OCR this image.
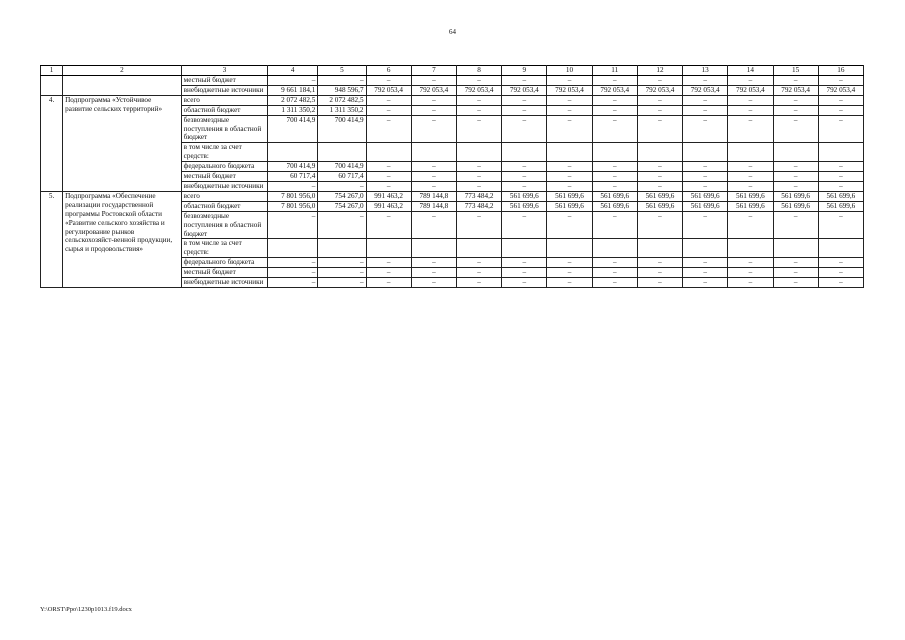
64
1	2	3	4	5	6	7	8	9	10	11	12	13	14	15	16
		местный бюджет	–	–	–	–	–	–	–	–	–	–	–	–	–
		внебюджетные источники	9 661 184,1	948 596,7	792 053,4	792 053,4	792 053,4	792 053,4	792 053,4	792 053,4	792 053,4	792 053,4	792 053,4	792 053,4	792 053,4
4.	Подпрограмма «Устойчивое развитие сельских территорий»	всего	2 072 482,5	2 072 482,5	–	–	–	–	–	–	–	–	–	–	–
		областной бюджет	1 311 350,2	1 311 350,2	–	–	–	–	–	–	–	–	–	–	–
		безвозмездные поступления в областной бюджет	700 414,9	700 414,9	–	–	–	–	–	–	–	–	–	–	–
		в том числе за счет средств:													
		федерального бюджета	700 414,9	700 414,9	–	–	–	–	–	–	–	–	–	–	–
		местный бюджет	60 717,4	60 717,4	–	–	–	–	–	–	–	–	–	–	–
		внебюджетные источники	–	–	–	–	–	–	–	–	–	–	–	–	–
5.	Подпрограмма «Обеспечение реализации государственной программы Ростовской области «Развитие сельского хозяйства и регулирование рынков сельскохозяйст-венной продукции, сырья и продовольствия»	всего	7 801 956,0	754 267,0	991 463,2	789 144,8	773 484,2	561 699,6	561 699,6	561 699,6	561 699,6	561 699,6	561 699,6	561 699,6	561 699,6
		областной бюджет	7 801 956,0	754 267,0	991 463,2	789 144,8	773 484,2	561 699,6	561 699,6	561 699,6	561 699,6	561 699,6	561 699,6	561 699,6	561 699,6
		безвозмездные поступления в областной бюджет	–	–	–	–	–	–	–	–	–	–	–	–	–
		в том числе за счет средств:													
		федерального бюджета	–	–	–	–	–	–	–	–	–	–	–	–	–
		местный бюджет	–	–	–	–	–	–	–	–	–	–	–	–	–
		внебюджетные источники	–	–	–	–	–	–	–	–	–	–	–	–	–
Y:\ORST\Ppo\1230p1013.f19.docx
